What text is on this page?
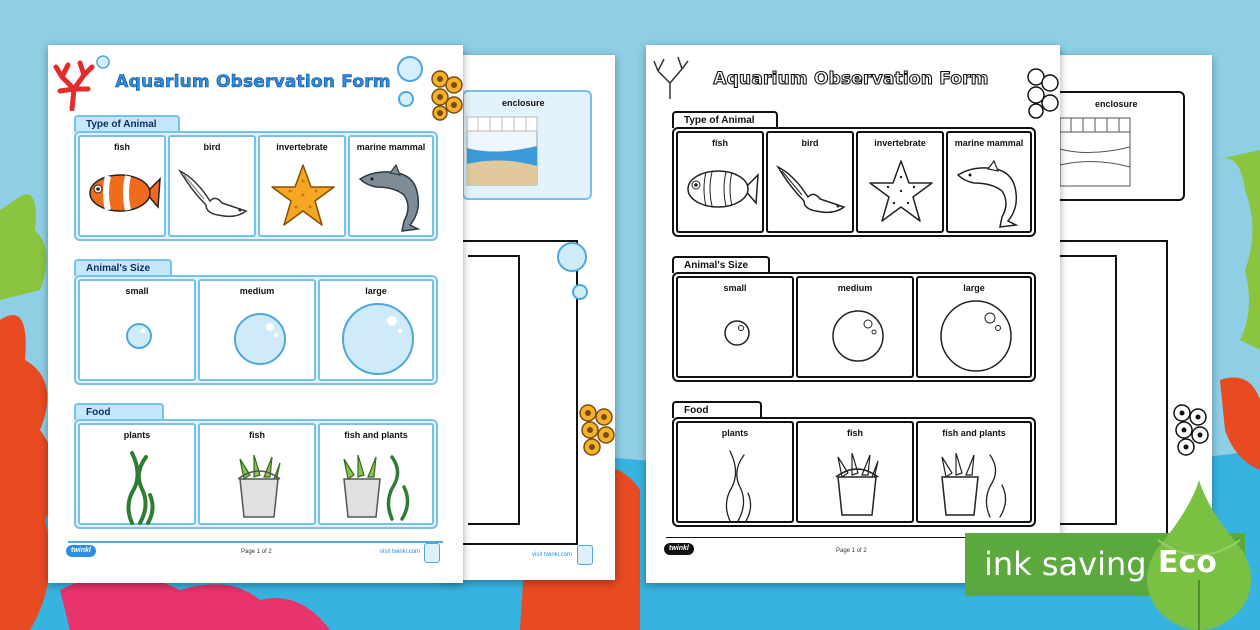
enclosure
visit twinkl.com
Aquarium Observation Form
Type of Animal
fish	bird	invertebrate	marine mammal
Animal's Size
small	medium	large
Food
plants	fish	fish and plants
twinkl	Page 1 of 2	visit twinkl.com
enclosure
Aquarium Observation Form
Type of Animal
fish	bird	invertebrate	marine mammal
Animal's Size
small	medium	large
Food
plants	fish	fish and plants
twinkl	Page 1 of 2	ink saving Eco
